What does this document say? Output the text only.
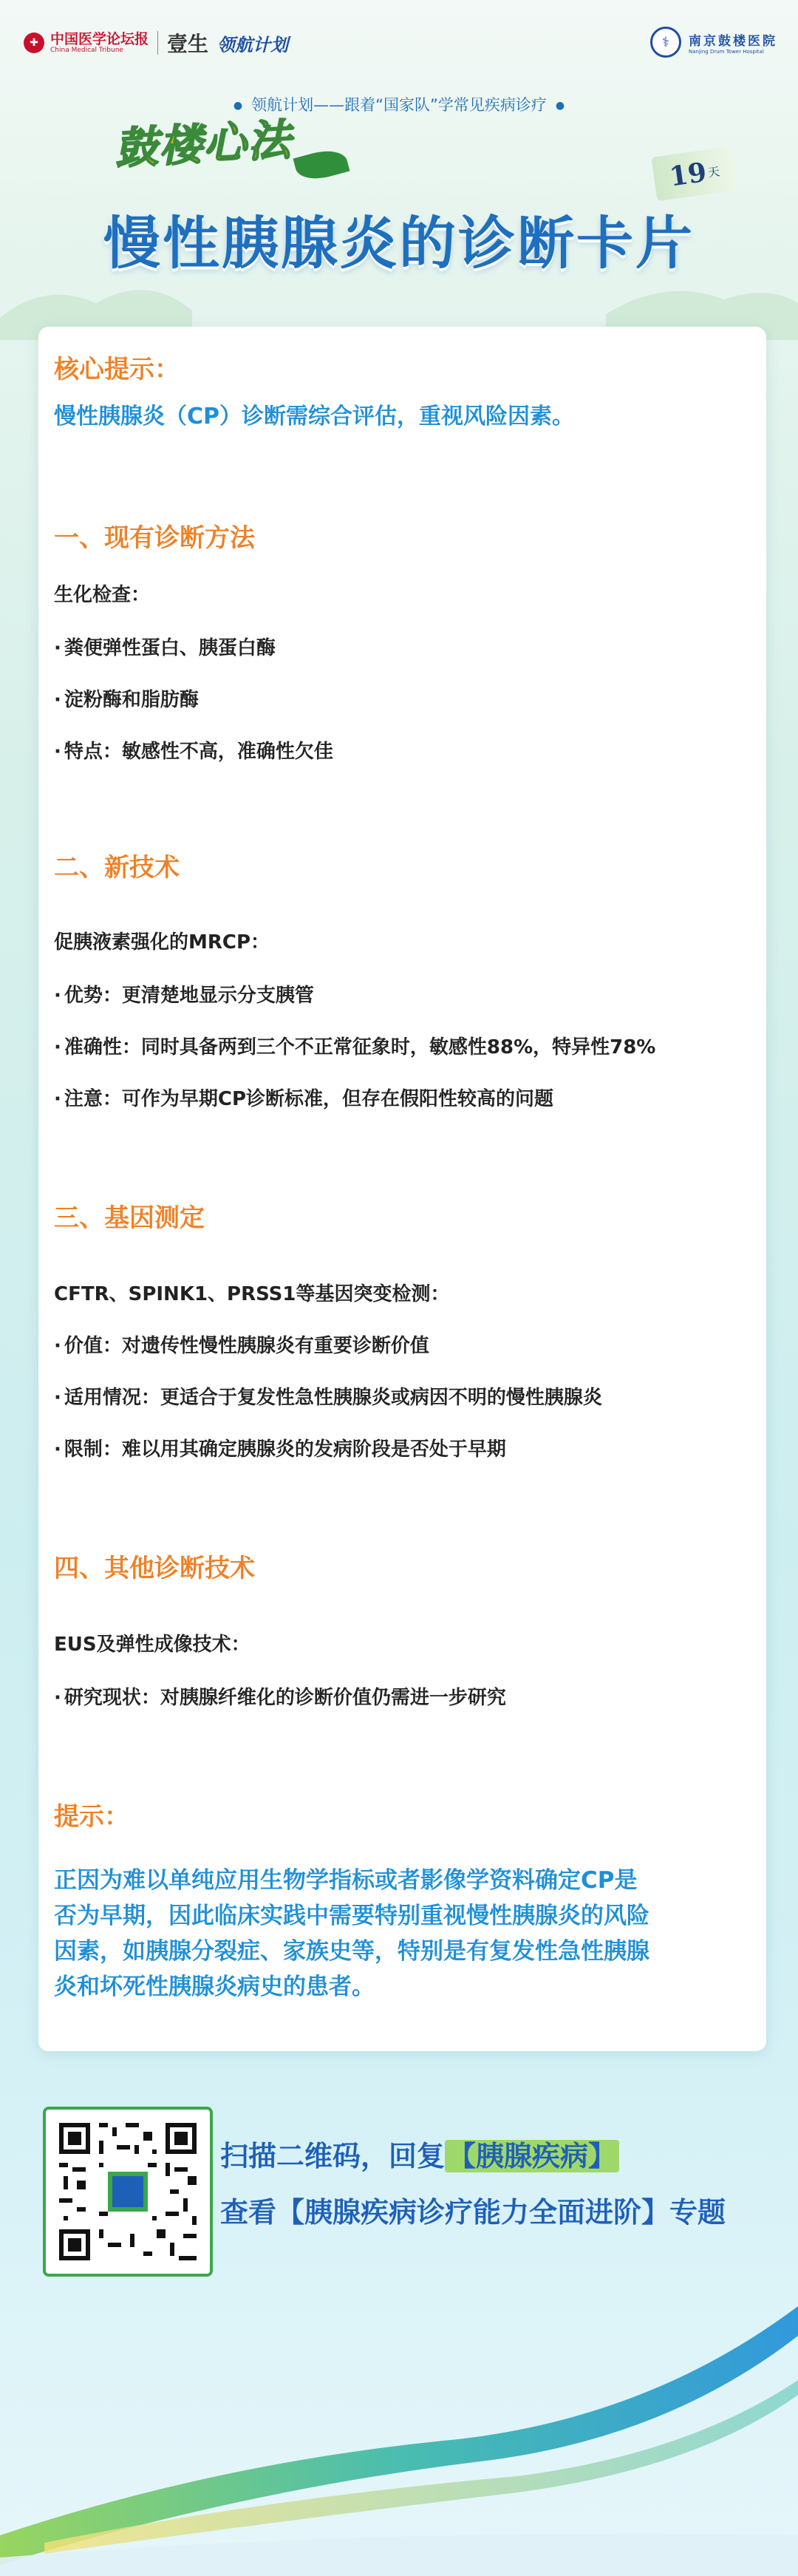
✚ 中国医学论坛报
China Medical Tribune	壹生 领航计划	⚕	南京鼓楼医院
Nanjing Drum Tower Hospital
● 领航计划——跟着“国家队”学常见疾病诊疗 ●
鼓楼心法
19
天
慢性胰腺炎的诊断卡片
核心提示：
慢性胰腺炎（CP）诊断需综合评估，重视风险因素。
一、现有诊断方法
生化检查：
· 粪便弹性蛋白、胰蛋白酶
· 淀粉酶和脂肪酶
· 特点：敏感性不高，准确性欠佳
二、新技术
促胰液素强化的MRCP：
· 优势：更清楚地显示分支胰管
· 准确性：同时具备两到三个不正常征象时，敏感性88%，特异性78%
· 注意：可作为早期CP诊断标准，但存在假阳性较高的问题
三、基因测定
CFTR、SPINK1、PRSS1等基因突变检测：
· 价值：对遗传性慢性胰腺炎有重要诊断价值
· 适用情况：更适合于复发性急性胰腺炎或病因不明的慢性胰腺炎
· 限制：难以用其确定胰腺炎的发病阶段是否处于早期
四、其他诊断技术
EUS及弹性成像技术：
· 研究现状：对胰腺纤维化的诊断价值仍需进一步研究
提示：
正因为难以单纯应用生物学指标或者影像学资料确定CP是
否为早期，因此临床实践中需要特别重视慢性胰腺炎的风险
因素，如胰腺分裂症、家族史等，特别是有复发性急性胰腺
炎和坏死性胰腺炎病史的患者。
扫描二维码，回复 【胰腺疾病】
查看【胰腺疾病诊疗能力全面进阶】专题
